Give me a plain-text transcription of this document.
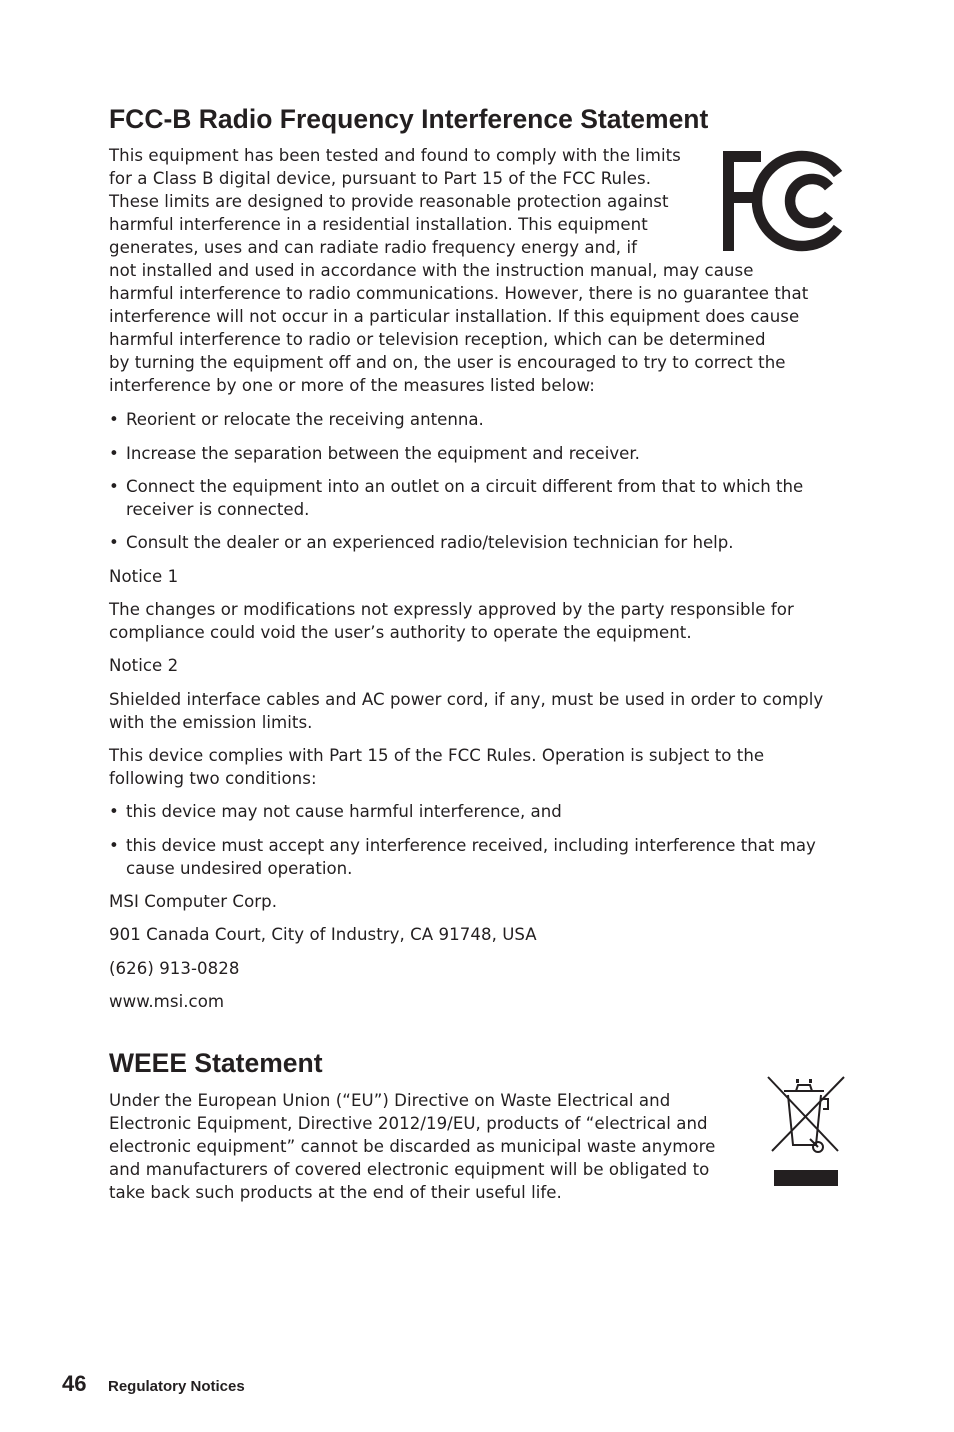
FCC-B Radio Frequency Interference Statement

This equipment has been tested and found to comply with the limits
for a Class B digital device, pursuant to Part 15 of the FCC Rules.
These limits are designed to provide reasonable protection against
harmful interference in a residential installation. This equipment
generates, uses and can radiate radio frequency energy and, if
not installed and used in accordance with the instruction manual, may cause
harmful interference to radio communications. However, there is no guarantee that
interference will not occur in a particular installation. If this equipment does cause
harmful interference to radio or television reception, which can be determined
by turning the equipment off and on, the user is encouraged to try to correct the
interference by one or more of the measures listed below:

• Reorient or relocate the receiving antenna.
• Increase the separation between the equipment and receiver.
• Connect the equipment into an outlet on a circuit different from that to which the receiver is connected.
• Consult the dealer or an experienced radio/television technician for help.

Notice 1

The changes or modifications not expressly approved by the party responsible for compliance could void the user’s authority to operate the equipment.

Notice 2

Shielded interface cables and AC power cord, if any, must be used in order to comply with the emission limits.

This device complies with Part 15 of the FCC Rules. Operation is subject to the following two conditions:

• this device may not cause harmful interference, and
• this device must accept any interference received, including interference that may cause undesired operation.

MSI Computer Corp.

901 Canada Court, City of Industry, CA 91748, USA

(626) 913-0828

www.msi.com

WEEE Statement

Under the European Union (“EU”) Directive on Waste Electrical and
Electronic Equipment, Directive 2012/19/EU, products of “electrical and
electronic equipment” cannot be discarded as municipal waste anymore
and manufacturers of covered electronic equipment will be obligated to
take back such products at the end of their useful life.

46 Regulatory Notices
